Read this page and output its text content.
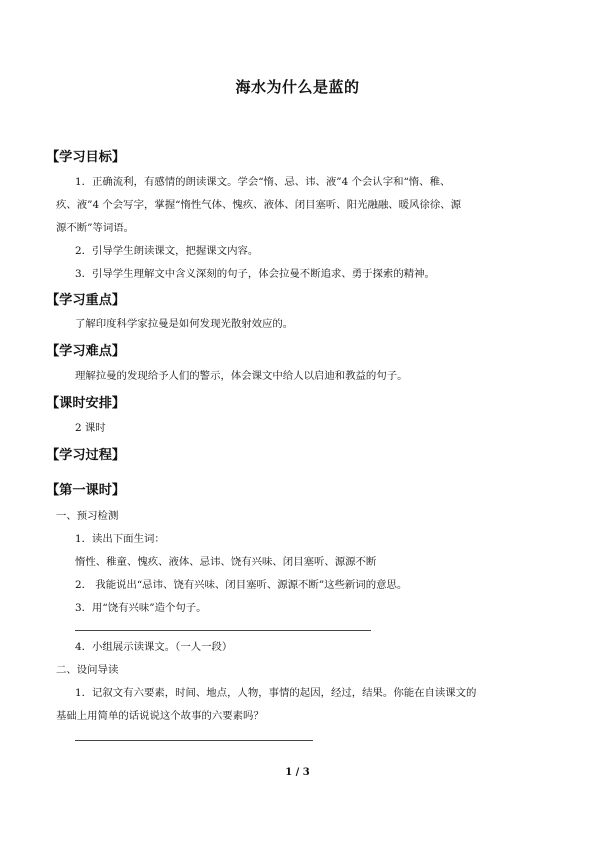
海水为什么是蓝的
【学习目标】
1．正确流利，有感情的朗读课文。学会“惰、忌、讳、液”4 个会认字和“惰、稚、
疚、液”4 个会写字，掌握“惰性气体、愧疚、液体、闭目塞听、阳光融融、暖风徐徐、源
源不断”等词语。
2．引导学生朗读课文，把握课文内容。
3．引导学生理解文中含义深刻的句子，体会拉曼不断追求、勇于探索的精神。
【学习重点】
了解印度科学家拉曼是如何发现光散射效应的。
【学习难点】
理解拉曼的发现给予人们的警示，体会课文中给人以启迪和教益的句子。
【课时安排】
2 课时
【学习过程】
【第一课时】
一、预习检测
1．读出下面生词：
惰性、稚童、愧疚、液体、忌讳、饶有兴味、闭目塞听、源源不断
2． 我能说出“忌讳、饶有兴味、闭目塞听、源源不断”这些新词的意思。
3．用“饶有兴味”造个句子。
4．小组展示读课文。（一人一段）
二、设问导读
1．记叙文有六要素，时间、地点，人物，事情的起因，经过，结果。你能在自读课文的
基础上用简单的话说说这个故事的六要素吗？
1 / 3
